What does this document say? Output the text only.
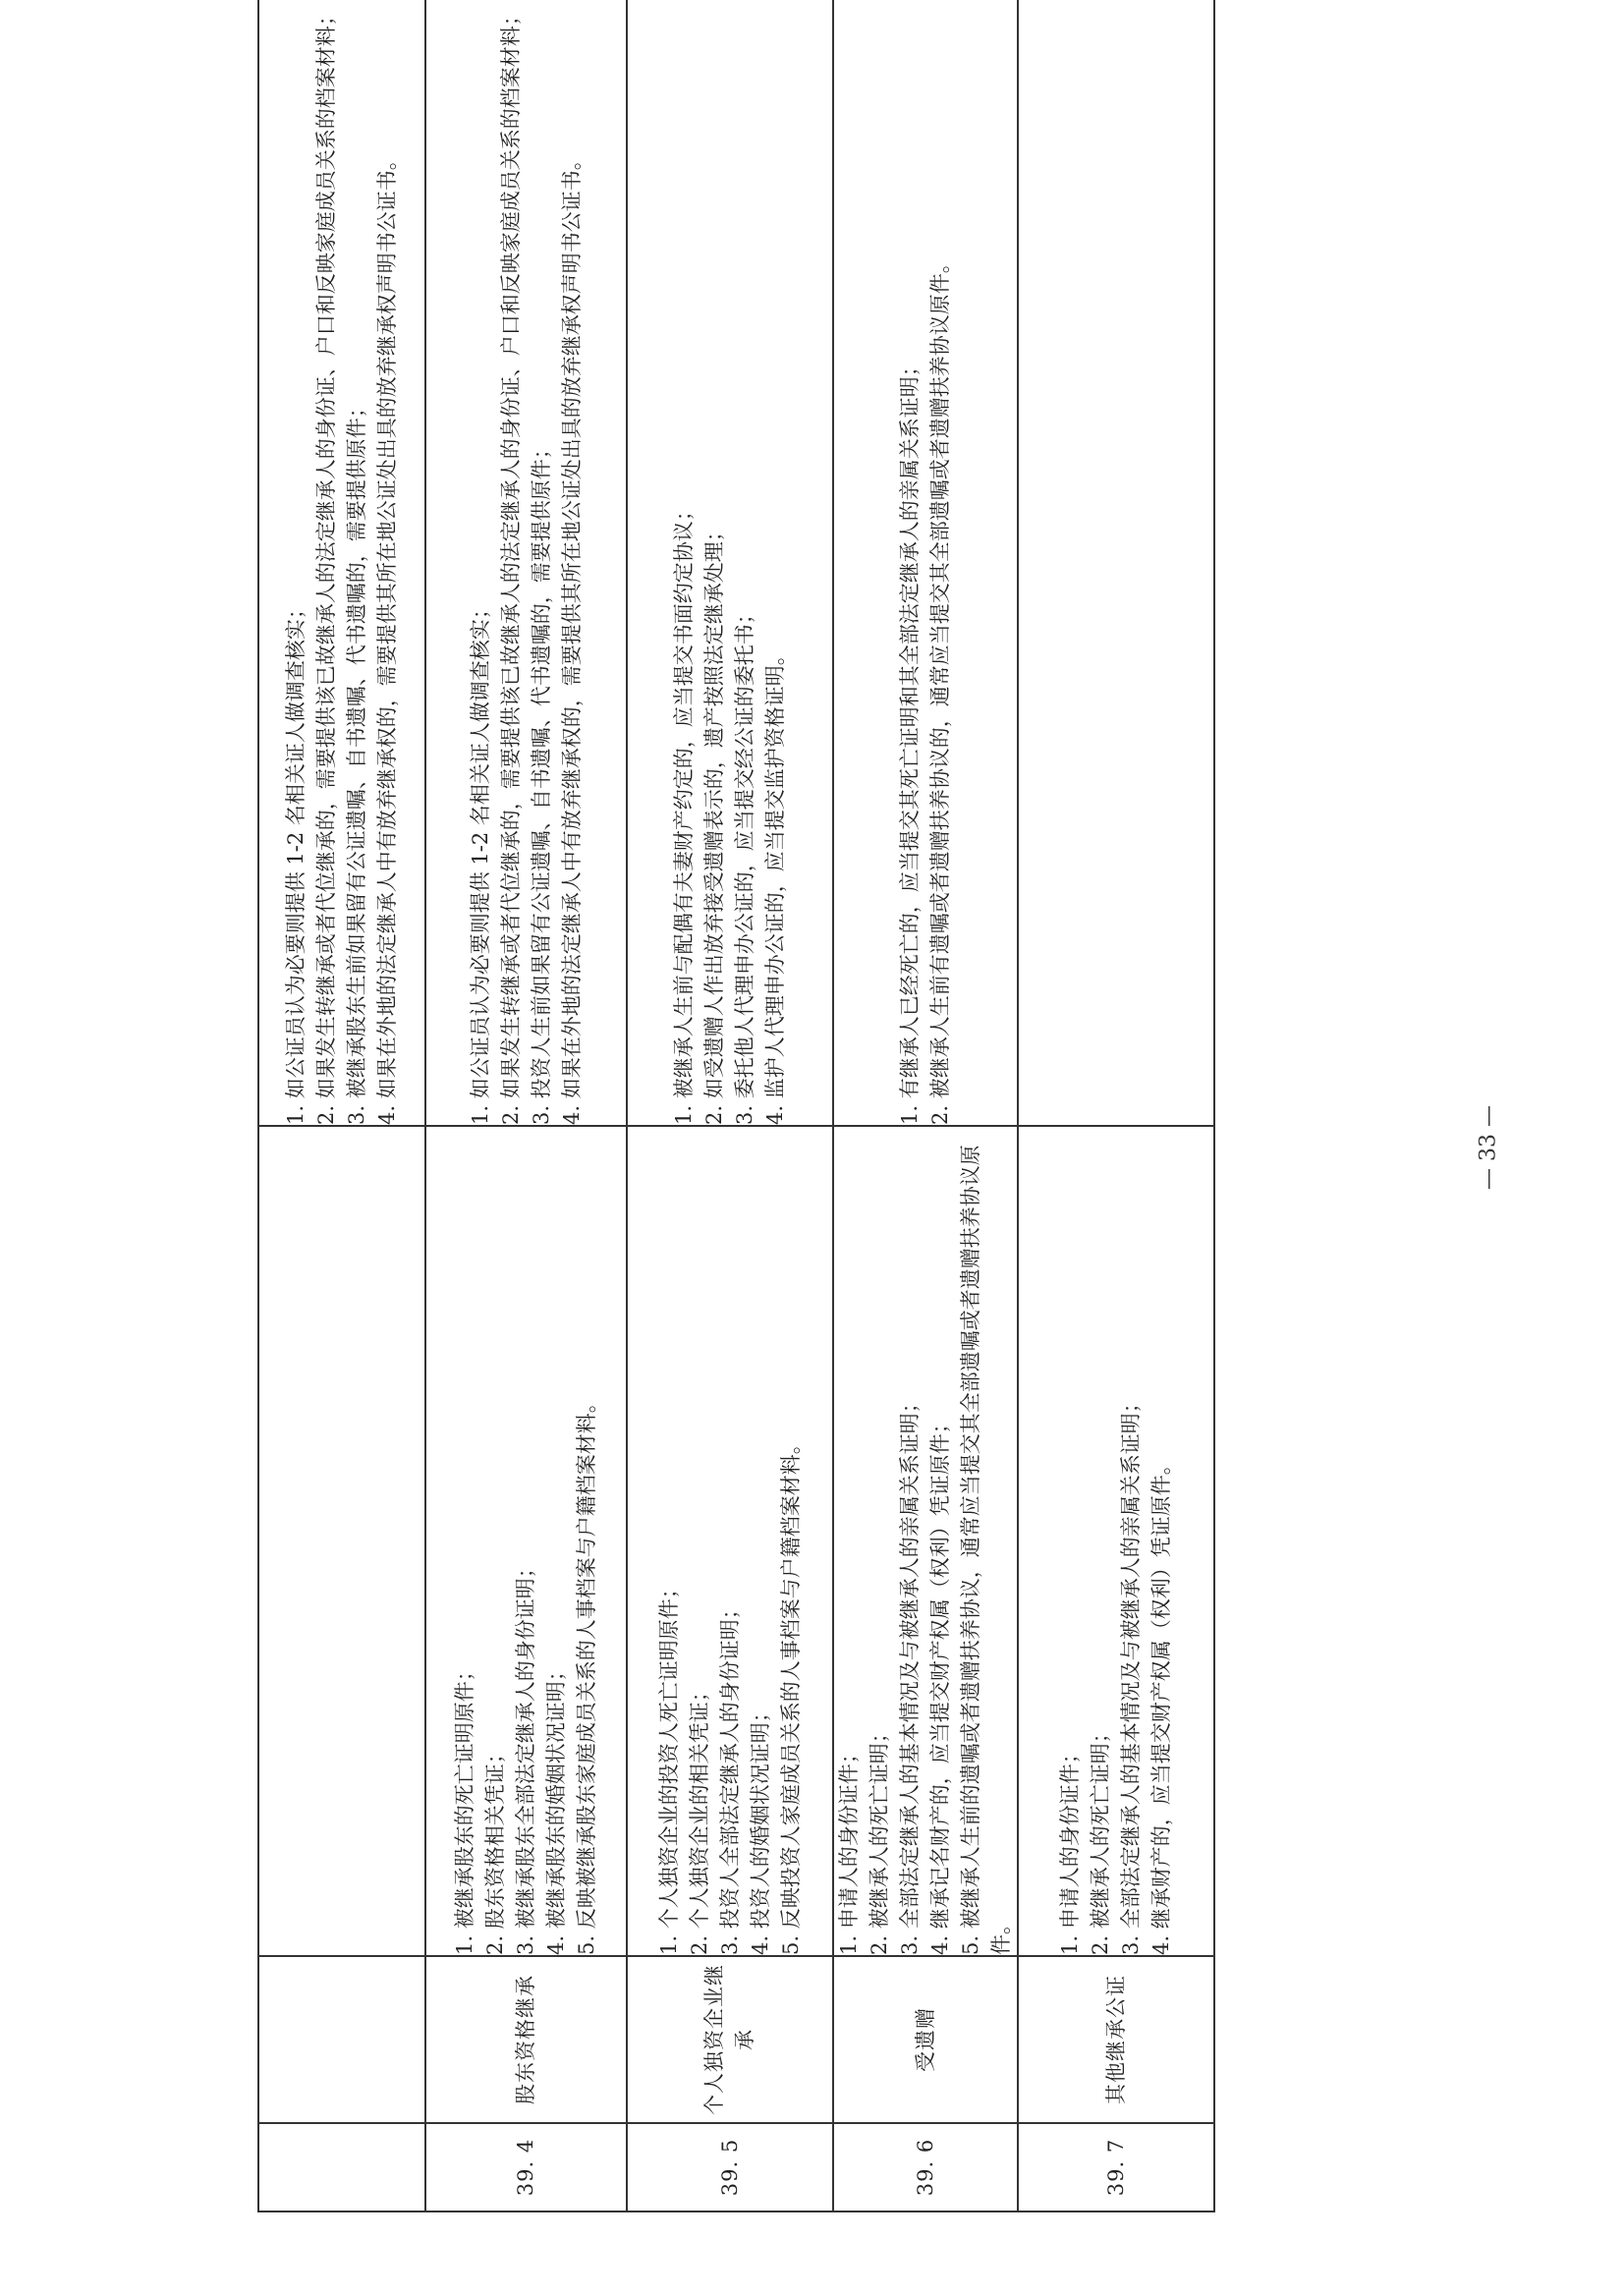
			1. 如公证员认为必要则提供 1-2 名相关证人做调查核实； 2. 如果发生转继承或者代位继承的，需要提供该已故继承人的法定继承人的身份证、户口和反映家庭成员关系的档案材料； 3. 被继承股东生前如果留有公证遗嘱、自书遗嘱、代书遗嘱的，需要提供原件； 4. 如果在外地的法定继承人中有放弃继承权的，需要提供其所在地公证处出具的放弃继承权声明书公证书。

39. 4	股东资格继承	1. 被继承股东的死亡证明原件； 2. 股东资格相关凭证； 3. 被继承股东全部法定继承人的身份证明； 4. 被继承股东的婚姻状况证明； 5. 反映被继承股东家庭成员关系的人事档案与户籍档案材料。	1. 如公证员认为必要则提供 1-2 名相关证人做调查核实； 2. 如果发生转继承或者代位继承的，需要提供该已故继承人的法定继承人的身份证、户口和反映家庭成员关系的档案材料； 3. 投资人生前如果留有公证遗嘱、自书遗嘱、代书遗嘱的，需要提供原件； 4. 如果在外地的法定继承人中有放弃继承权的，需要提供其所在地公证处出具的放弃继承权声明书公证书。

39. 5	个人独资企业继承	1. 个人独资企业的投资人死亡证明原件； 2. 个人独资企业的相关凭证； 3. 投资人全部法定继承人的身份证明； 4. 投资人的婚姻状况证明； 5. 反映投资人家庭成员关系的人事档案与户籍档案材料。	1. 被继承人生前与配偶有夫妻财产约定的，应当提交书面约定协议； 2. 如受遗赠人作出放弃接受遗赠表示的，遗产按照法定继承处理； 3. 委托他人代理申办公证的，应当提交经公证的委托书； 4. 监护人代理申办公证的，应当提交监护资格证明。

39. 6	受遗赠	1. 申请人的身份证件； 2. 被继承人的死亡证明； 3. 全部法定继承人的基本情况及与被继承人的亲属关系证明； 4. 继承记名财产的，应当提交财产权属（权利）凭证原件； 5. 被继承人生前的遗嘱或者遗赠扶养协议，通常应当提交其全部遗嘱或者遗赠扶养协议原件。	1. 有继承人已经死亡的，应当提交其死亡证明和其全部法定继承人的亲属关系证明； 2. 被继承人生前有遗嘱或者遗赠扶养协议的，通常应当提交其全部遗嘱或者遗赠扶养协议原件。

39. 7	其他继承公证	1. 申请人的身份证件； 2. 被继承人的死亡证明； 3. 全部法定继承人的基本情况及与被继承人的亲属关系证明； 4. 继承财产的，应当提交财产权属（权利）凭证原件。	

— 33 —
